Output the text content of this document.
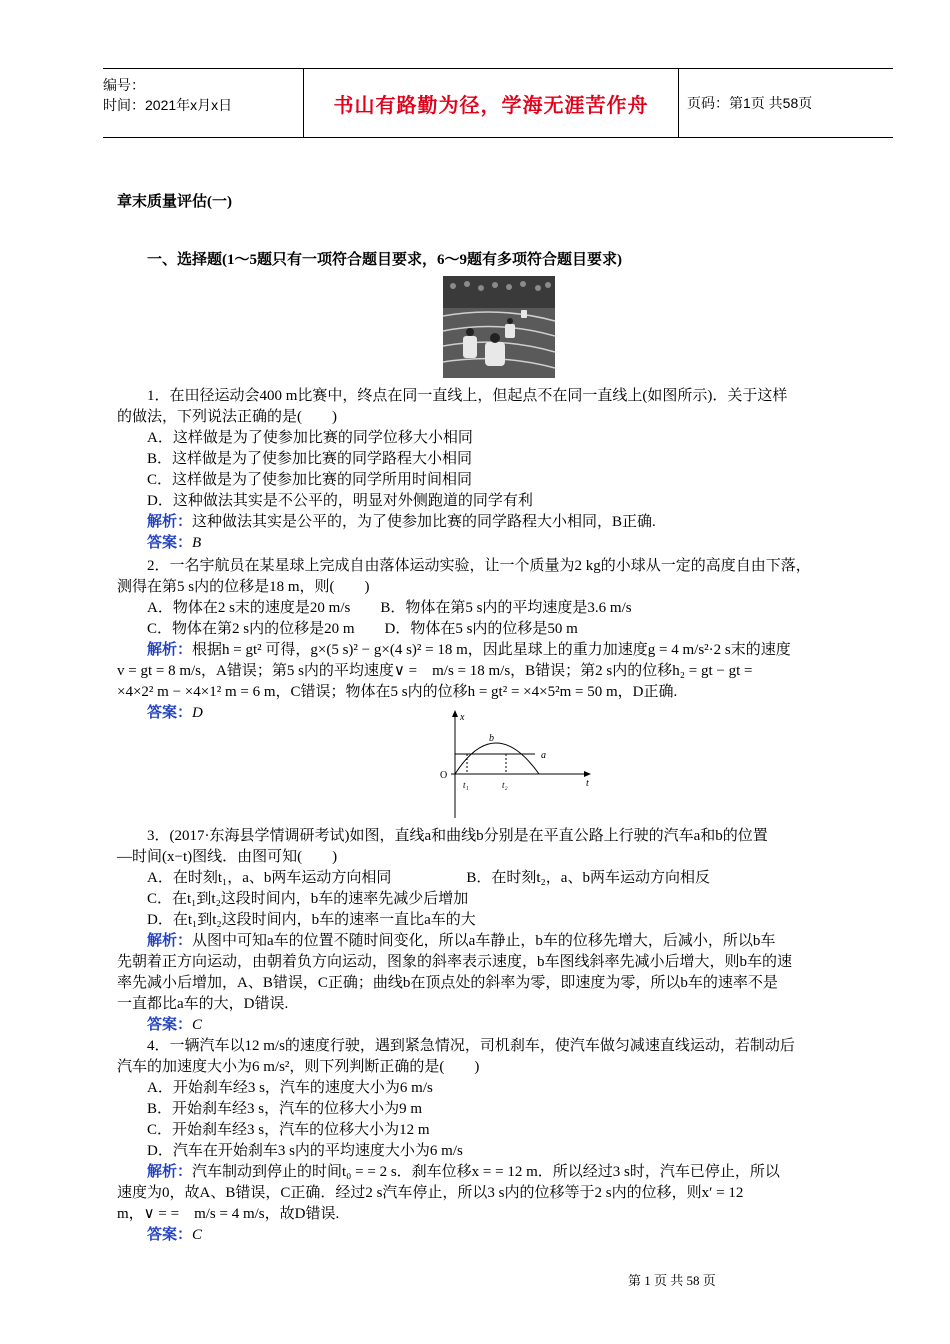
编号：
时间：2021年x月x日	书山有路勤为径，学海无涯苦作舟	页码：第1页 共58页
章末质量评估(一)
一、选择题(1～5题只有一项符合题目要求，6～9题有多项符合题目要求)
1．在田径运动会400 m比赛中，终点在同一直线上，但起点不在同一直线上(如图所示)．关于这样
的做法，下列说法正确的是(　　)
A．这样做是为了使参加比赛的同学位移大小相同
B．这样做是为了使参加比赛的同学路程大小相同
C．这样做是为了使参加比赛的同学所用时间相同
D．这种做法其实是不公平的，明显对外侧跑道的同学有利
解析：这种做法其实是公平的，为了使参加比赛的同学路程大小相同，B正确.
答案：B
2．一名宇航员在某星球上完成自由落体运动实验，让一个质量为2 kg的小球从一定的高度自由下落，
测得在第5 s内的位移是18 m，则(　　)
A．物体在2 s末的速度是20 m/s　　B．物体在第5 s内的平均速度是3.6 m/s
C．物体在第2 s内的位移是20 m　　D．物体在5 s内的位移是50 m
解析：根据h = gt² 可得，g×(5 s)² − g×(4 s)² = 18 m，因此星球上的重力加速度g = 4 m/s²·2 s末的速度
v = gt = 8 m/s，A错误；第5 s内的平均速度∨ =　m/s = 18 m/s，B错误；第2 s内的位移h₂ = gt − gt =
×4×2² m − ×4×1² m = 6 m，C错误；物体在5 s内的位移h = gt² = ×4×5²m = 50 m，D正确.
答案：D	x
t
O
a
b
t₁	t₂
3．(2017·东海县学情调研考试)如图，直线a和曲线b分别是在平直公路上行驶的汽车a和b的位置
—时间(x−t)图线．由图可知(　　)
A．在时刻t₁，a、b两车运动方向相同　　　　　B．在时刻t₂，a、b两车运动方向相反
C．在t₁到t₂这段时间内，b车的速率先减少后增加
D．在t₁到t₂这段时间内，b车的速率一直比a车的大
解析：从图中可知a车的位置不随时间变化，所以a车静止，b车的位移先增大，后减小，所以b车
先朝着正方向运动，由朝着负方向运动，图象的斜率表示速度，b车图线斜率先减小后增大，则b车的速
率先减小后增加，A、B错误，C正确；曲线b在顶点处的斜率为零，即速度为零，所以b车的速率不是
一直都比a车的大，D错误.
答案：C
4．一辆汽车以12 m/s的速度行驶，遇到紧急情况，司机刹车，使汽车做匀减速直线运动，若制动后
汽车的加速度大小为6 m/s²，则下列判断正确的是(　　)
A．开始刹车经3 s，汽车的速度大小为6 m/s
B．开始刹车经3 s，汽车的位移大小为9 m
C．开始刹车经3 s，汽车的位移大小为12 m
D．汽车在开始刹车3 s内的平均速度大小为6 m/s
解析：汽车制动到停止的时间t₀ = = 2 s．刹车位移x = = 12 m．所以经过3 s时，汽车已停止，所以
速度为0，故A、B错误，C正确．经过2 s汽车停止，所以3 s内的位移等于2 s内的位移，则x′ = 12
m，∨ = =　m/s = 4 m/s，故D错误.
答案：C
第 1 页 共 58 页
